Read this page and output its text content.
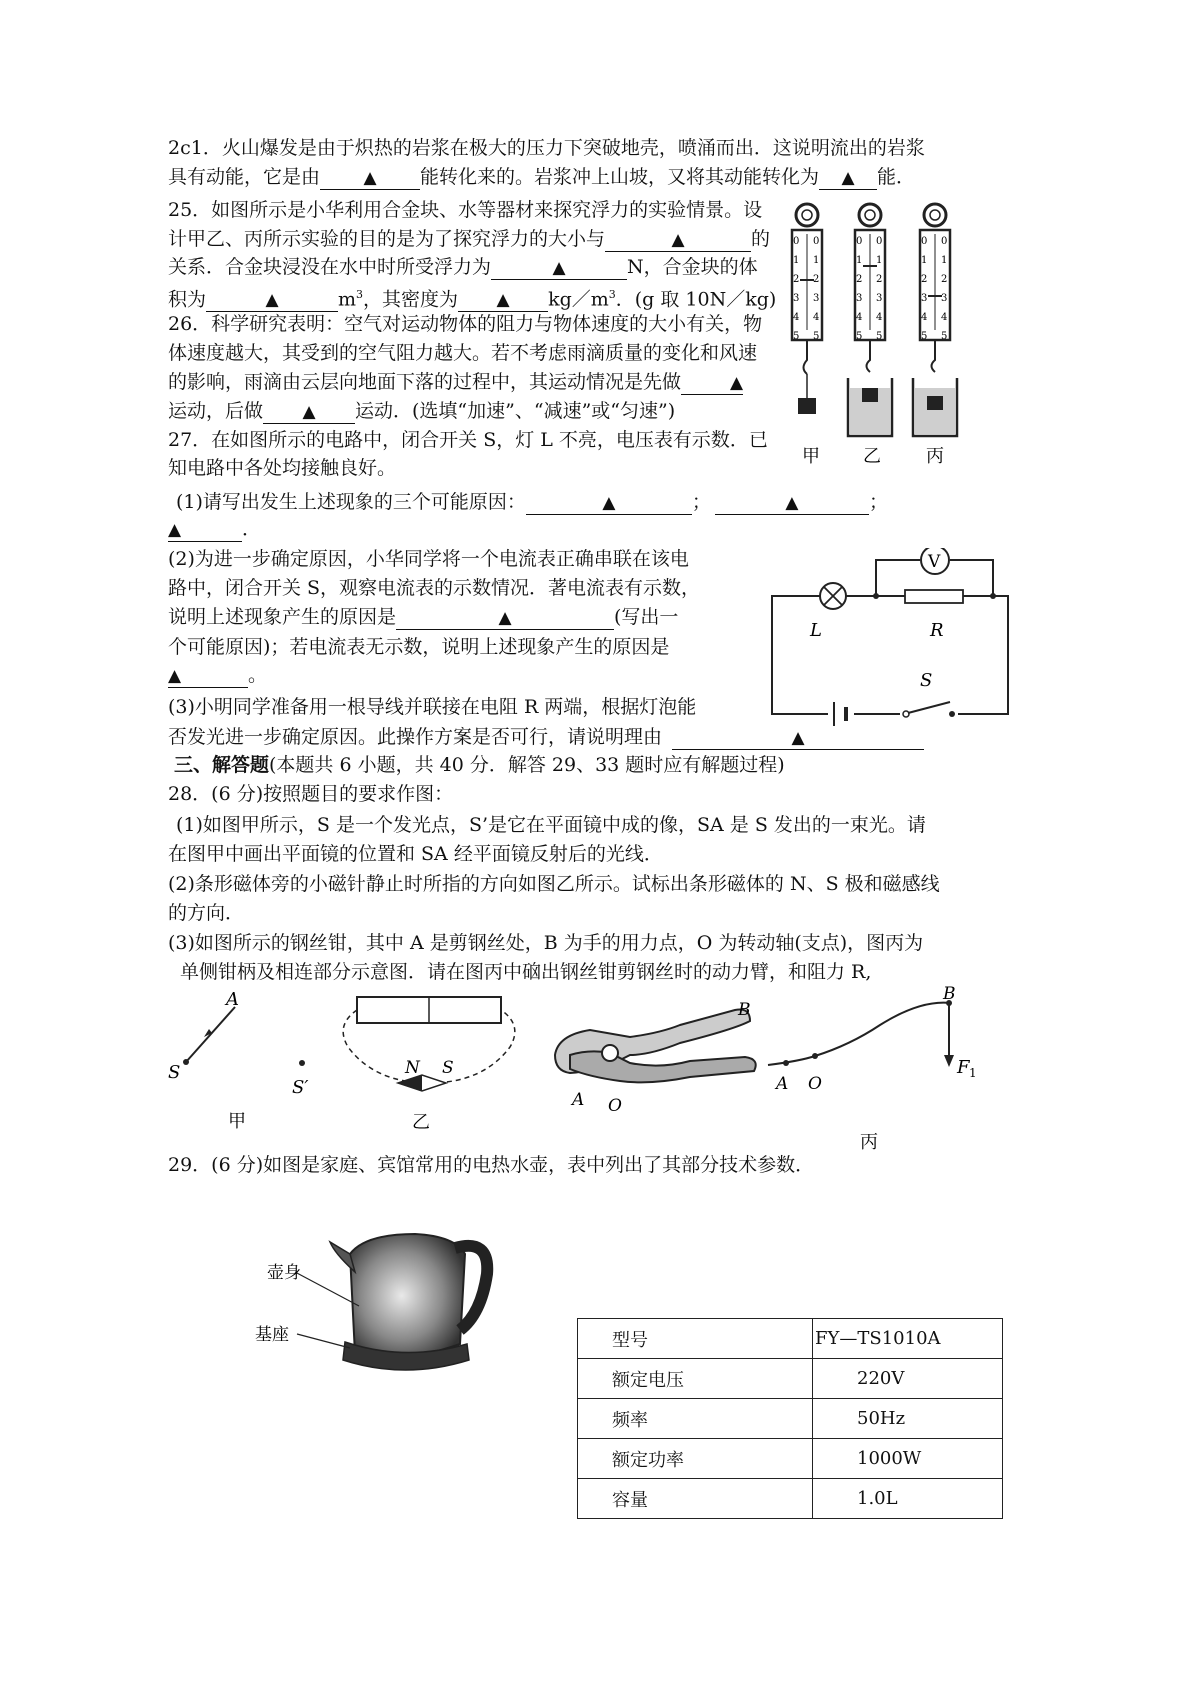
2c1．火山爆发是由于炽热的岩浆在极大的压力下突破地壳，喷涌而出．这说明流出的岩浆
具有动能，它是由	▲ 能转化来的。岩浆冲上山坡，又将其动能转化为 ▲ 能．
25．如图所示是小华利用合金块、水等器材来探究浮力的实验情景。设
计甲乙、丙所示实验的目的是为了探究浮力的大小与	▲	的
关系．合金块浸没在水中时所受浮力为	▲	N，合金块的体
积为	▲	$m^3$，其密度为 ▲ $kg/m^3$．(g 取 10N／kg)
26．科学研究表明：空气对运动物体的阻力与物体速度的大小有关，物
体速度越大，其受到的空气阻力越大。若不考虑雨滴质量的变化和风速
的影响，雨滴由云层向地面下落的过程中，其运动情况是先做	▲
运动，后做 ▲ 运动．(选填“加速”、“减速”或“匀速”)
27．在如图所示的电路中，闭合开关 S，灯 L 不亮，电压表有示数．已
知电路中各处均接触良好。
(1)请写出发生上述现象的三个可能原因：	▲	；	▲	；
▲	．
(2)为进一步确定原因，小华同学将一个电流表正确串联在该电
路中，闭合开关 S，观察电流表的示数情况．著电流表有示数，
说明上述现象产生的原因是	▲	(写出一
个可能原因)；若电流表无示数，说明上述现象产生的原因是
▲	。
(3)小明同学准备用一根导线并联接在电阻 R 两端，根据灯泡能
否发光进一步确定原因。此操作方案是否可行，请说明理由	▲
三、解答题(本题共 6 小题，共 40 分．解答 29、33 题时应有解题过程)
28．(6 分)按照题目的要求作图：
(1)如图甲所示，S 是一个发光点，S’是它在平面镜中成的像，SA 是 S 发出的一束光。请
在图甲中画出平面镜的位置和 SA 经平面镜反射后的光线．
(2)条形磁体旁的小磁针静止时所指的方向如图乙所示。试标出条形磁体的 N、S 极和磁感线
的方向．
(3)如图所示的钢丝钳，其中 A 是剪钢丝处，B 为手的用力点，O 为转动轴(支点)，图丙为
单侧钳柄及相连部分示意图．请在图丙中硇出钢丝钳剪钢丝时的动力臂，和阻力 R,
29．(6 分)如图是家庭、宾馆常用的电热水壶，表中列出了其部分技术参数．
0 0
1 1
2 2
3 3
4 4
5 5
0 0
1 1
2 2
3 3
4 4
5 5
0 0
1 1
2 2
3 3
4 4
5 5
甲 乙	丙
L	R
V
S
S
A
S′
甲
N S
乙
B
A O
B
A O
F 1
丙
壶身
基座	型号	FY—TS1010A
额定电压	220V
频率	50Hz
额定功率	1000W
容量	1.0L
